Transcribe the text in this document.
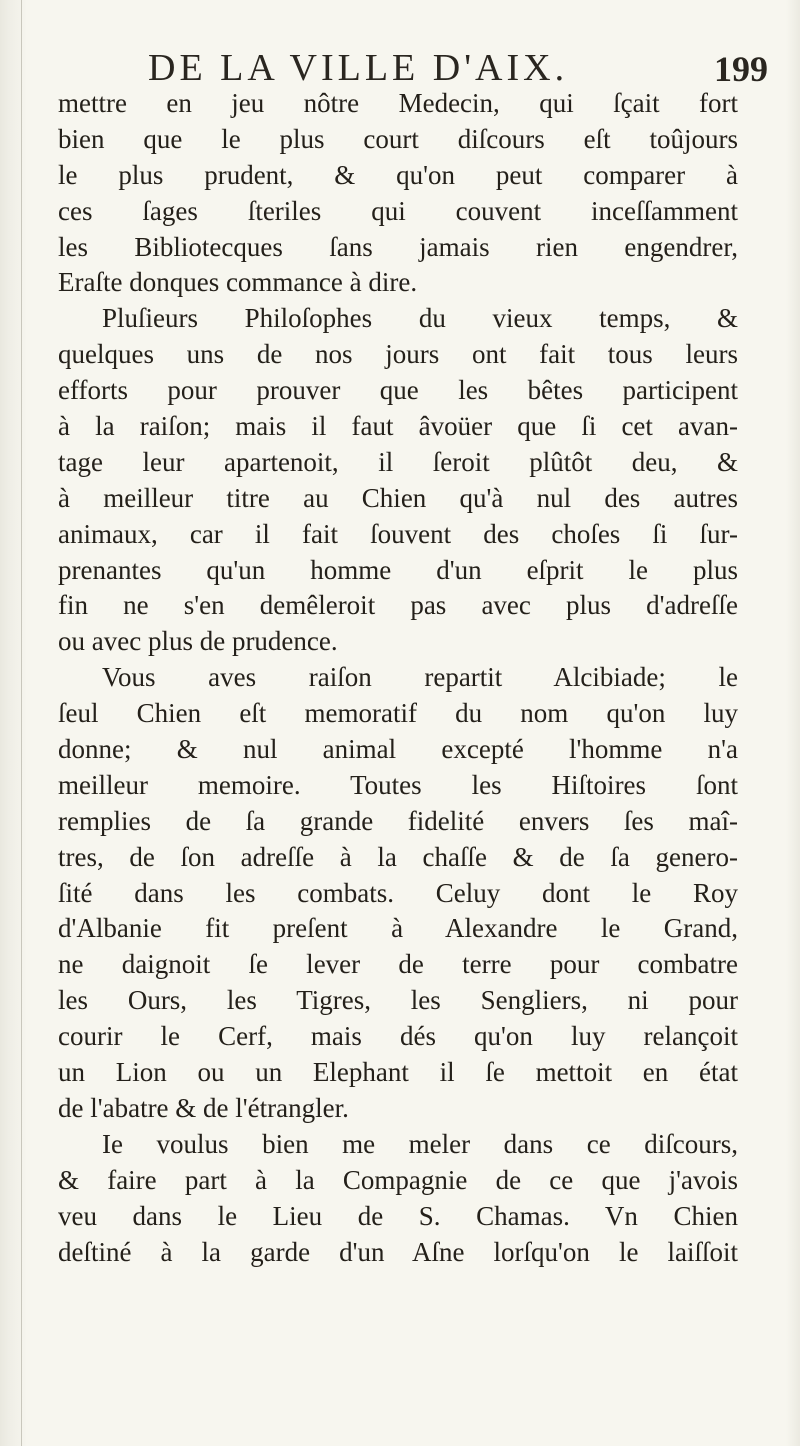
DE LA VILLE D'AIX.	199
mettre en jeu nôtre Medecin, qui ſçait fort
bien que le plus court diſcours eſt toûjours
le plus prudent, & qu'on peut comparer à
ces ſages ſteriles qui couvent inceſſamment
les Bibliotecques ſans jamais rien engendrer,
Eraſte donques commance à dire.
Pluſieurs Philoſophes du vieux temps, &
quelques uns de nos jours ont fait tous leurs
efforts pour prouver que les bêtes participent
à la raiſon; mais il faut âvoüer que ſi cet avan-
tage leur apartenoit, il ſeroit plûtôt deu, &
à meilleur titre au Chien qu'à nul des autres
animaux, car il fait ſouvent des choſes ſi ſur-
prenantes qu'un homme d'un eſprit le plus
fin ne s'en demêleroit pas avec plus d'adreſſe
ou avec plus de prudence.
Vous aves raiſon repartit Alcibiade; le
ſeul Chien eſt memoratif du nom qu'on luy
donne; & nul animal excepté l'homme n'a
meilleur memoire. Toutes les Hiſtoires ſont
remplies de ſa grande fidelité envers ſes maî-
tres, de ſon adreſſe à la chaſſe & de ſa genero-
ſité dans les combats. Celuy dont le Roy
d'Albanie fit preſent à Alexandre le Grand,
ne daignoit ſe lever de terre pour combatre
les Ours, les Tigres, les Sengliers, ni pour
courir le Cerf, mais dés qu'on luy relançoit
un Lion ou un Elephant il ſe mettoit en état
de l'abatre & de l'étrangler.
Ie voulus bien me meler dans ce diſcours,
& faire part à la Compagnie de ce que j'avois
veu dans le Lieu de S. Chamas. Vn Chien
deſtiné à la garde d'un Aſne lorſqu'on le laiſſoit
